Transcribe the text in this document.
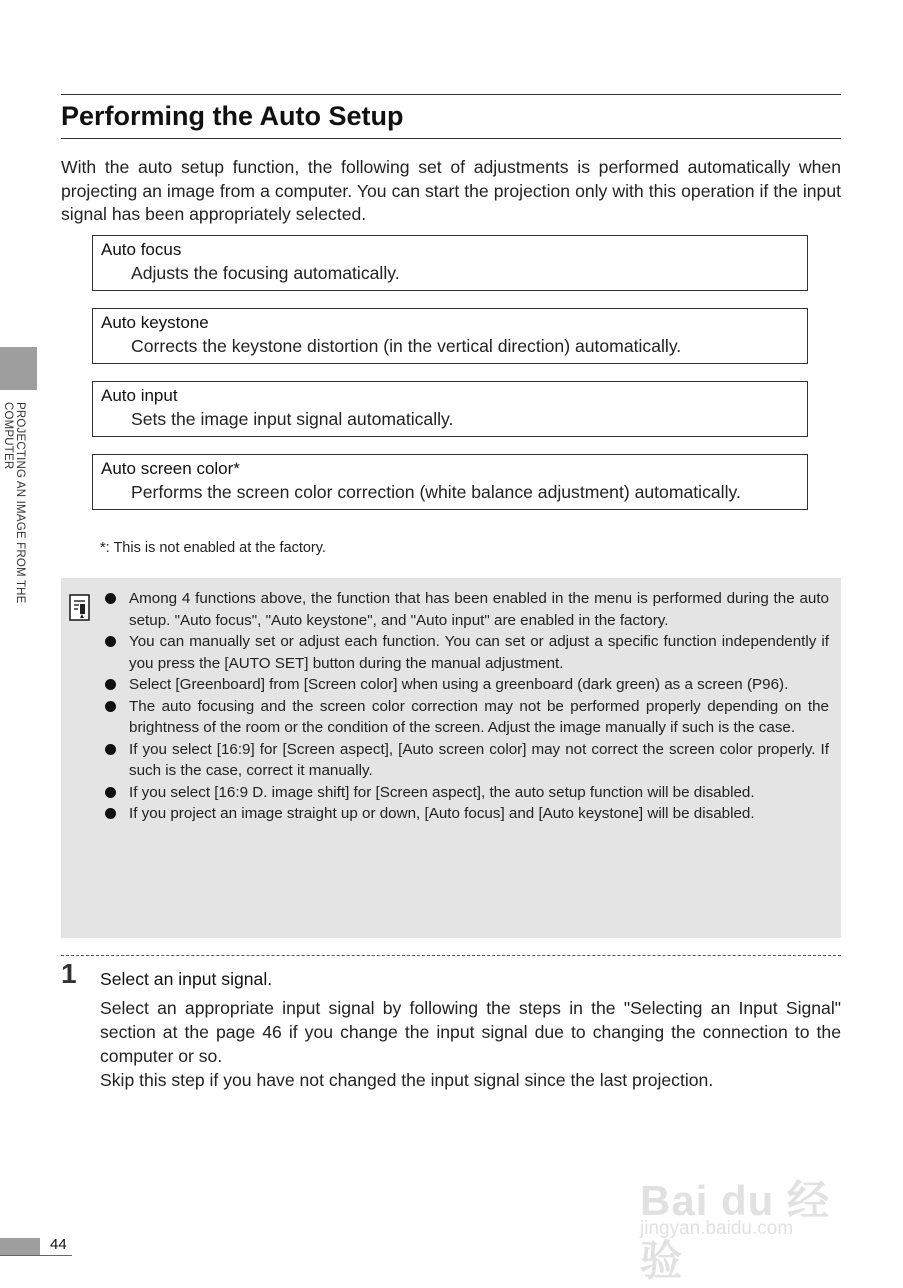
Performing the Auto Setup
With the auto setup function, the following set of adjustments is performed automatically when projecting an image from a computer. You can start the projection only with this operation if the input signal has been appropriately selected.
Auto focus
Adjusts the focusing automatically.
Auto keystone
Corrects the keystone distortion (in the vertical direction) automatically.
Auto input
Sets the image input signal automatically.
Auto screen color*
Performs the screen color correction (white balance adjustment) automatically.
*: This is not enabled at the factory.
PROJECTING AN IMAGE FROM THE COMPUTER
Among 4 functions above, the function that has been enabled in the menu is performed during the auto setup. "Auto focus", "Auto keystone", and "Auto input" are enabled in the factory.
You can manually set or adjust each function. You can set or adjust a specific function independently if you press the [AUTO SET] button during the manual adjustment.
Select [Greenboard] from [Screen color] when using a greenboard (dark green) as a screen (P96).
The auto focusing and the screen color correction may not be performed properly depending on the brightness of the room or the condition of the screen. Adjust the image manually if such is the case.
If you select [16:9] for [Screen aspect], [Auto screen color] may not correct the screen color properly. If such is the case, correct it manually.
If you select [16:9 D. image shift] for [Screen aspect], the auto setup function will be disabled.
If you project an image straight up or down, [Auto focus] and [Auto keystone] will be disabled.
1 Select an input signal.

Select an appropriate input signal by following the steps in the "Selecting an Input Signal" section at the page 46 if you change the input signal due to changing the connection to the computer or so.

Skip this step if you have not changed the input signal since the last projection.

Bai du 经验
jingyan.baidu.com
44
